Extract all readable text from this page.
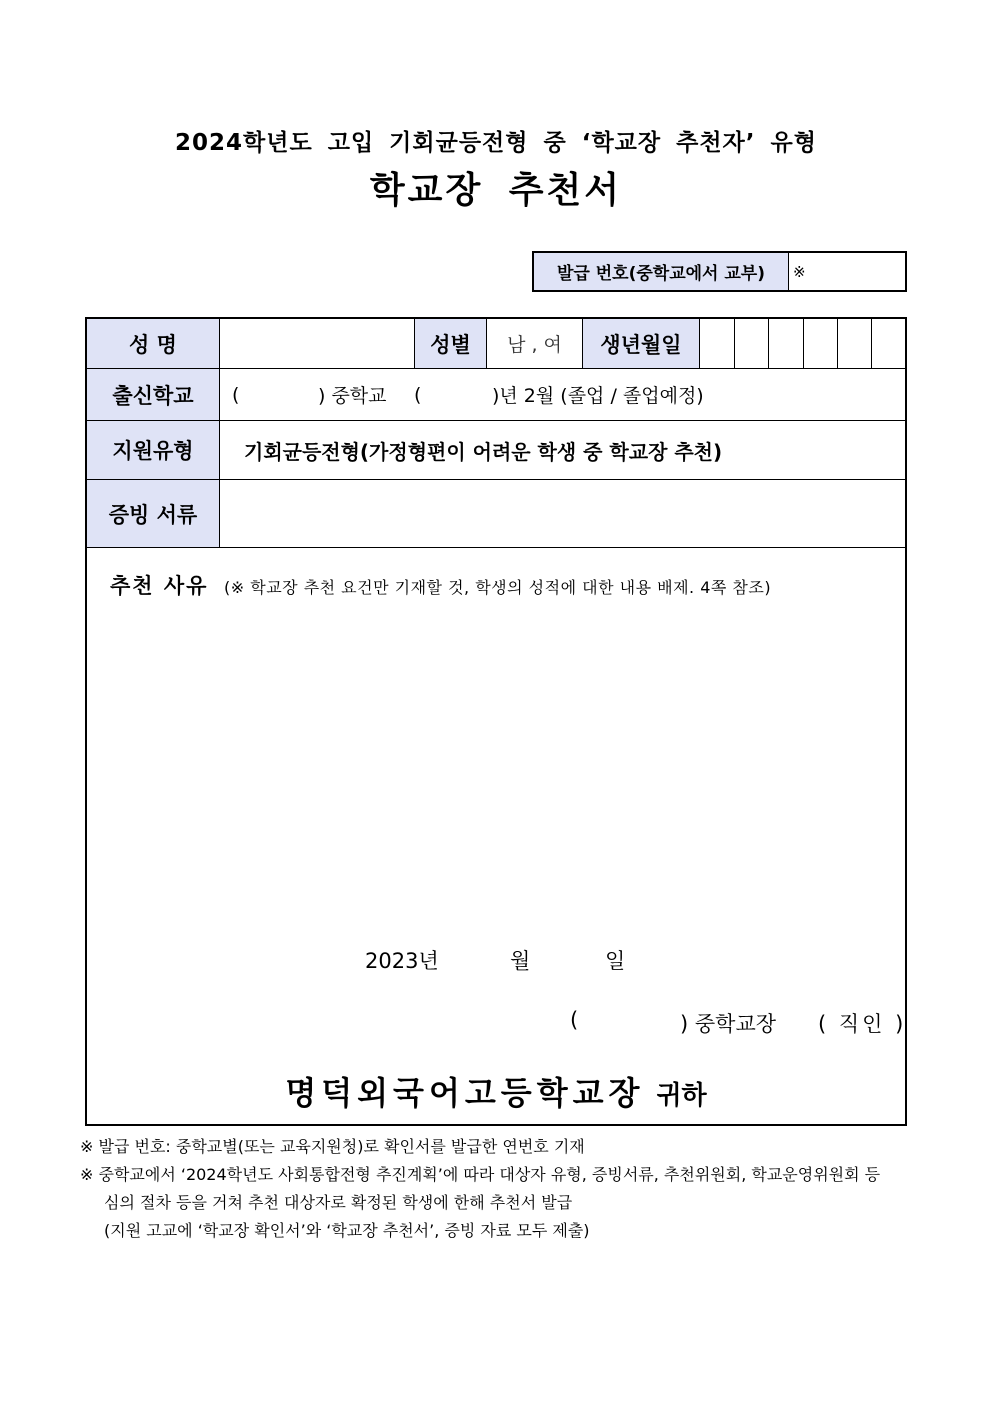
2024학년도 고입 기회균등전형 중 ‘학교장 추천자’ 유형
학교장 추천서
발급 번호(중학교에서 교부)	※
성 명	성별	남 , 여	생년월일
출신학교	(	) 중학교 (	)년 2월 (졸업 / 졸업예정)
지원유형	기회균등전형(가정형편이 어려운 학생 중 학교장 추천)
증빙 서류
추천 사유 (※ 학교장 추천 요건만 기재할 것, 학생의 성적에 대한 내용 배제. 4쪽 참조)
2023년	월	일
(	) 중학교장 ( 직인 )
명덕외국어고등학교장 귀하
※ 발급 번호: 중학교별(또는 교육지원청)로 확인서를 발급한 연번호 기재
※ 중학교에서 ‘2024학년도 사회통합전형 추진계획’에 따라 대상자 유형, 증빙서류, 추천위원회, 학교운영위원회 등
심의 절차 등을 거쳐 추천 대상자로 확정된 학생에 한해 추천서 발급
(지원 고교에 ‘학교장 확인서’와 ‘학교장 추천서’, 증빙 자료 모두 제출)
